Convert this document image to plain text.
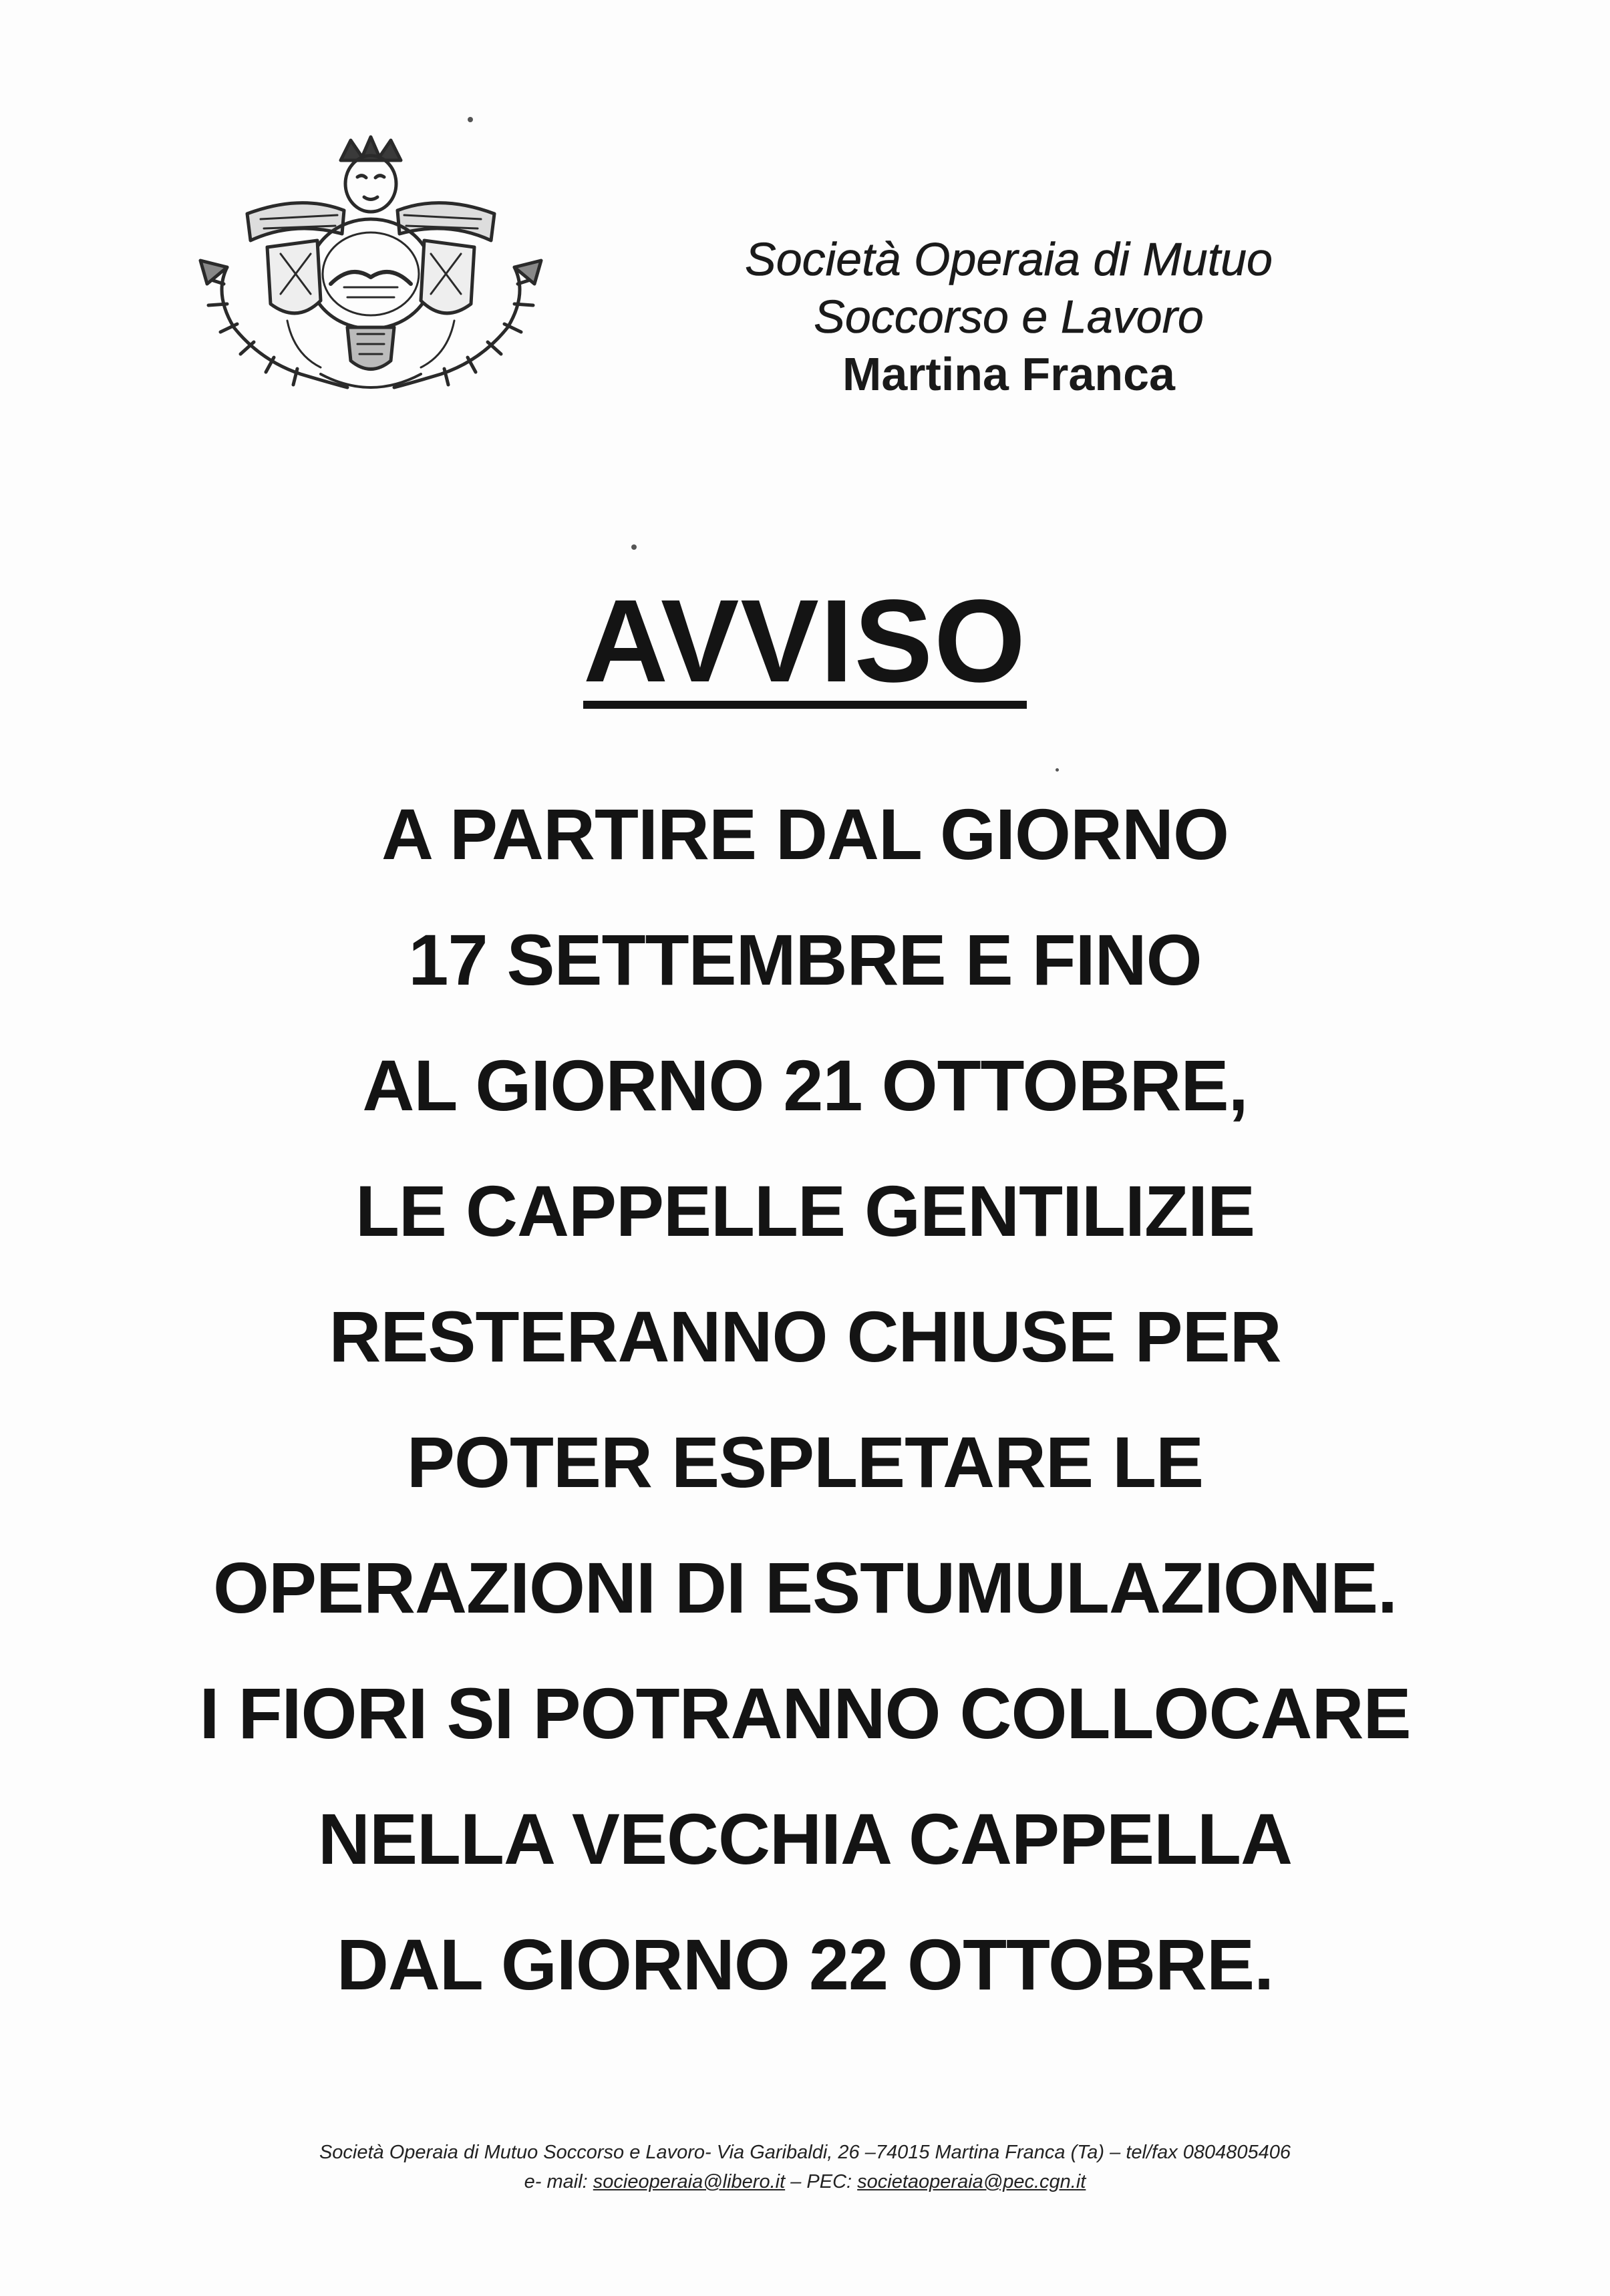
Società Operaia di Mutuo
Soccorso e Lavoro
Martina Franca
AVVISO
A PARTIRE DAL GIORNO
17 SETTEMBRE E FINO
AL GIORNO 21 OTTOBRE,
LE CAPPELLE GENTILIZIE
RESTERANNO CHIUSE PER
POTER ESPLETARE LE
OPERAZIONI DI ESTUMULAZIONE.
I FIORI SI POTRANNO COLLOCARE
NELLA VECCHIA CAPPELLA
DAL GIORNO 22 OTTOBRE.
Società Operaia di Mutuo Soccorso e Lavoro- Via Garibaldi, 26 –74015 Martina Franca (Ta) – tel/fax 0804805406
e- mail: socieoperaia@libero.it – PEC: societaoperaia@pec.cgn.it
